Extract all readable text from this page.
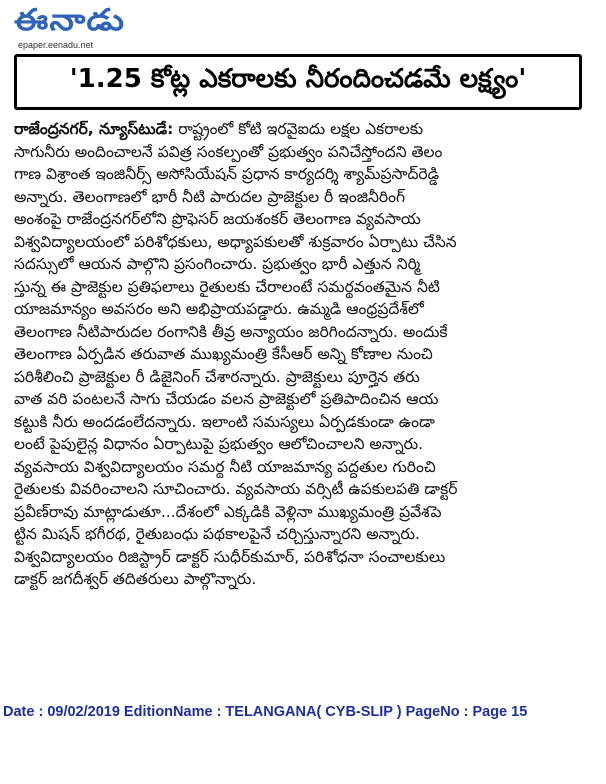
ఈనాడు
epaper.eenadu.net
'1.25 కోట్ల ఎకరాలకు నీరందించడమే లక్ష్యం'
రాజేంద్రనగర్, న్యూస్‌టుడే: రాష్ట్రంలో కోటి ఇరవైఐదు లక్షల ఎకరాలకు
సాగునీరు అందించాలనే పవిత్ర సంకల్పంతో ప్రభుత్వం పనిచేస్తోందని తెలం
గాణ విశ్రాంత ఇంజినీర్స్ అసోసియేషన్ ప్రధాన కార్యదర్శి శ్యామ్‌ప్రసాద్‌రెడ్డి
అన్నారు. తెలంగాణలో భారీ నీటి పారుదల ప్రాజెక్టుల రీ ఇంజినీరింగ్
అంశంపై రాజేంద్రనగర్‌లోని ప్రొఫెసర్ జయశంకర్ తెలంగాణ వ్యవసాయ
విశ్వవిద్యాలయంలో పరిశోధకులు, అధ్యాపకులతో శుక్రవారం ఏర్పాటు చేసిన
సదస్సులో ఆయన పాల్గొని ప్రసంగించారు. ప్రభుత్వం భారీ ఎత్తున నిర్మి
స్తున్న ఈ ప్రాజెక్టుల ప్రతిఫలాలు రైతులకు చేరాలంటే సమర్థవంతమైన నీటి
యాజమాన్యం అవసరం అని అభిప్రాయపడ్డారు. ఉమ్మడి ఆంధ్రప్రదేశ్‌లో
తెలంగాణ నీటిపారుదల రంగానికి తీవ్ర అన్యాయం జరిగిందన్నారు. అందుకే
తెలంగాణ ఏర్పడిన తరువాత ముఖ్యమంత్రి కేసీఆర్ అన్ని కోణాల నుంచి
పరిశీలించి ప్రాజెక్టుల రీ డిజైనింగ్ చేశారన్నారు. ప్రాజెక్టులు పూర్తైన తరు
వాత వరి పంటలనే సాగు చేయడం వలన ప్రాజెక్టులో ప్రతిపాదించిన ఆయ
కట్టుకి నీరు అందడంలేదన్నారు. ఇలాంటి సమస్యలు ఏర్పడకుండా ఉండా
లంటే పైపులైన్ల విధానం ఏర్పాటుపై ప్రభుత్వం ఆలోచించాలని అన్నారు.
వ్యవసాయ విశ్వవిద్యాలయం సమర్థ నీటి యాజమాన్య పద్ధతుల గురించి
రైతులకు వివరించాలని సూచించారు. వ్యవసాయ వర్సిటీ ఉపకులపతి డాక్టర్
ప్రవీణ్‌రావు మాట్లాడుతూ...దేశంలో ఎక్కడికి వెళ్లినా ముఖ్యమంత్రి ప్రవేశపె
ట్టిన మిషన్ భగీరథ, రైతుబంధు పథకాలపైనే చర్చిస్తున్నారని అన్నారు.
విశ్వవిద్యాలయం రిజిస్ట్రార్ డాక్టర్ సుధీర్‌కుమార్, పరిశోధనా సంచాలకులు
డాక్టర్ జగదీశ్వర్ తదితరులు పాల్గొన్నారు.
Date : 09/02/2019 EditionName : TELANGANA( CYB-SLIP ) PageNo : Page 15
